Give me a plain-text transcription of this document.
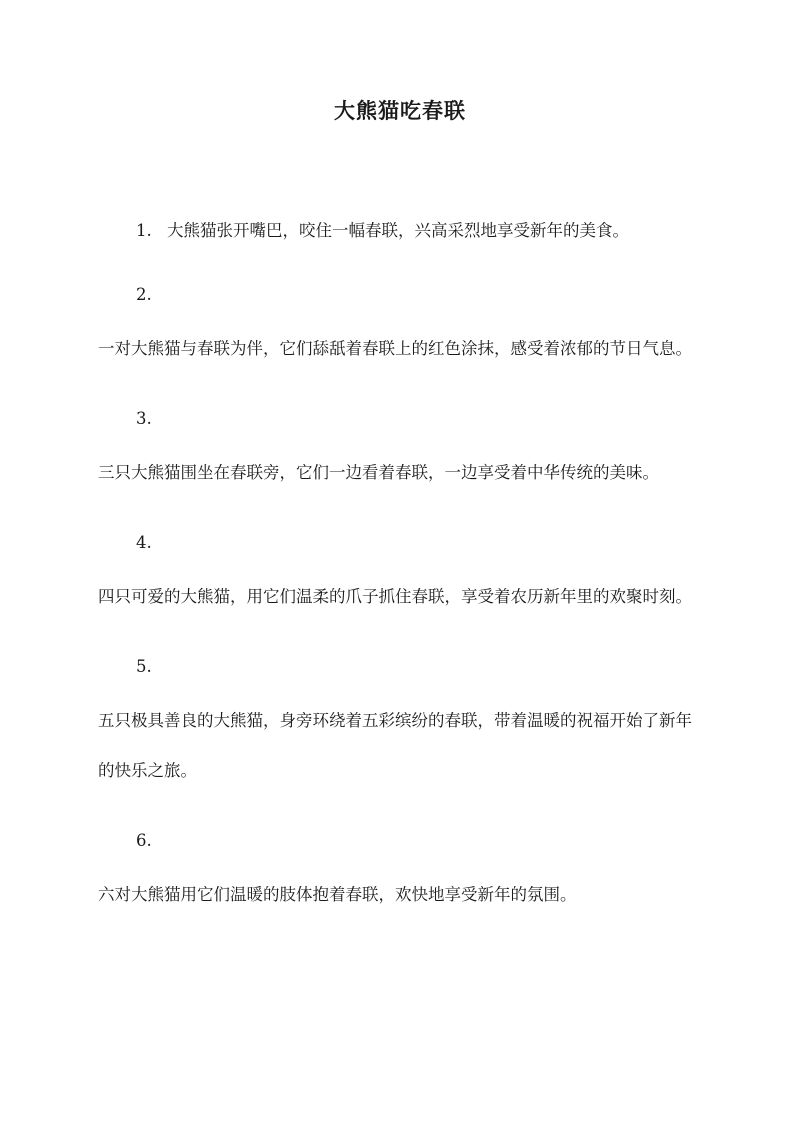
大熊猫吃春联
1. 大熊猫张开嘴巴，咬住一幅春联，兴高采烈地享受新年的美食。
2.
一对大熊猫与春联为伴，它们舔舐着春联上的红色涂抹，感受着浓郁的节日气息。
3.
三只大熊猫围坐在春联旁，它们一边看着春联，一边享受着中华传统的美味。
4.
四只可爱的大熊猫，用它们温柔的爪子抓住春联，享受着农历新年里的欢聚时刻。
5.
五只极具善良的大熊猫，身旁环绕着五彩缤纷的春联，带着温暖的祝福开始了新年的快乐之旅。
6.
六对大熊猫用它们温暖的肢体抱着春联，欢快地享受新年的氛围。
